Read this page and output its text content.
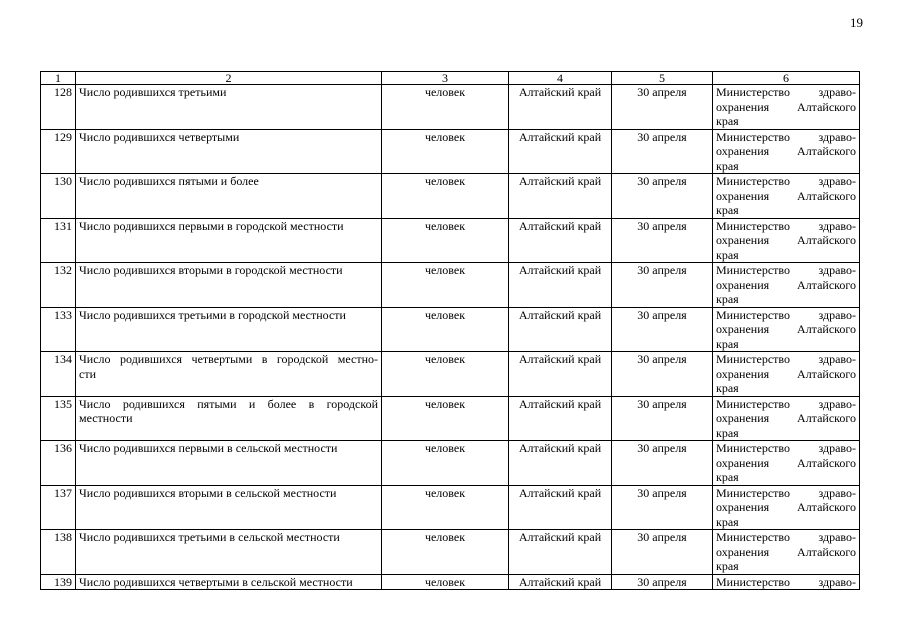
19
1	2	3	4	5	6
128	Число родившихся третьими	человек	Алтайский край	30 апреля	Министерство здраво-
охранения Алтайского
края

129	Число родившихся четвертыми	человек	Алтайский край	30 апреля	Министерство здраво-
охранения Алтайского
края

130	Число родившихся пятыми и более	человек	Алтайский край	30 апреля	Министерство здраво-
охранения Алтайского
края

131	Число родившихся первыми в городской местности	человек	Алтайский край	30 апреля	Министерство здраво-
охранения Алтайского
края

132	Число родившихся вторыми в городской местности	человек	Алтайский край	30 апреля	Министерство здраво-
охранения Алтайского
края

133	Число родившихся третьими в городской местности	человек	Алтайский край	30 апреля	Министерство здраво-
охранения Алтайского
края

134	Число родившихся четвертыми в городской местно-
сти	человек	Алтайский край	30 апреля	Министерство здраво-
охранения Алтайского
края

135	Число родившихся пятыми и более в городской
местности	человек	Алтайский край	30 апреля	Министерство здраво-
охранения Алтайского
края

136	Число родившихся первыми в сельской местности	человек	Алтайский край	30 апреля	Министерство здраво-
охранения Алтайского
края

137	Число родившихся вторыми в сельской местности	человек	Алтайский край	30 апреля	Министерство здраво-
охранения Алтайского
края

138	Число родившихся третьими в сельской местности	человек	Алтайский край	30 апреля	Министерство здраво-
охранения Алтайского
края

139	Число родившихся четвертыми в сельской местности	человек	Алтайский край	30 апреля	Министерство здраво-
